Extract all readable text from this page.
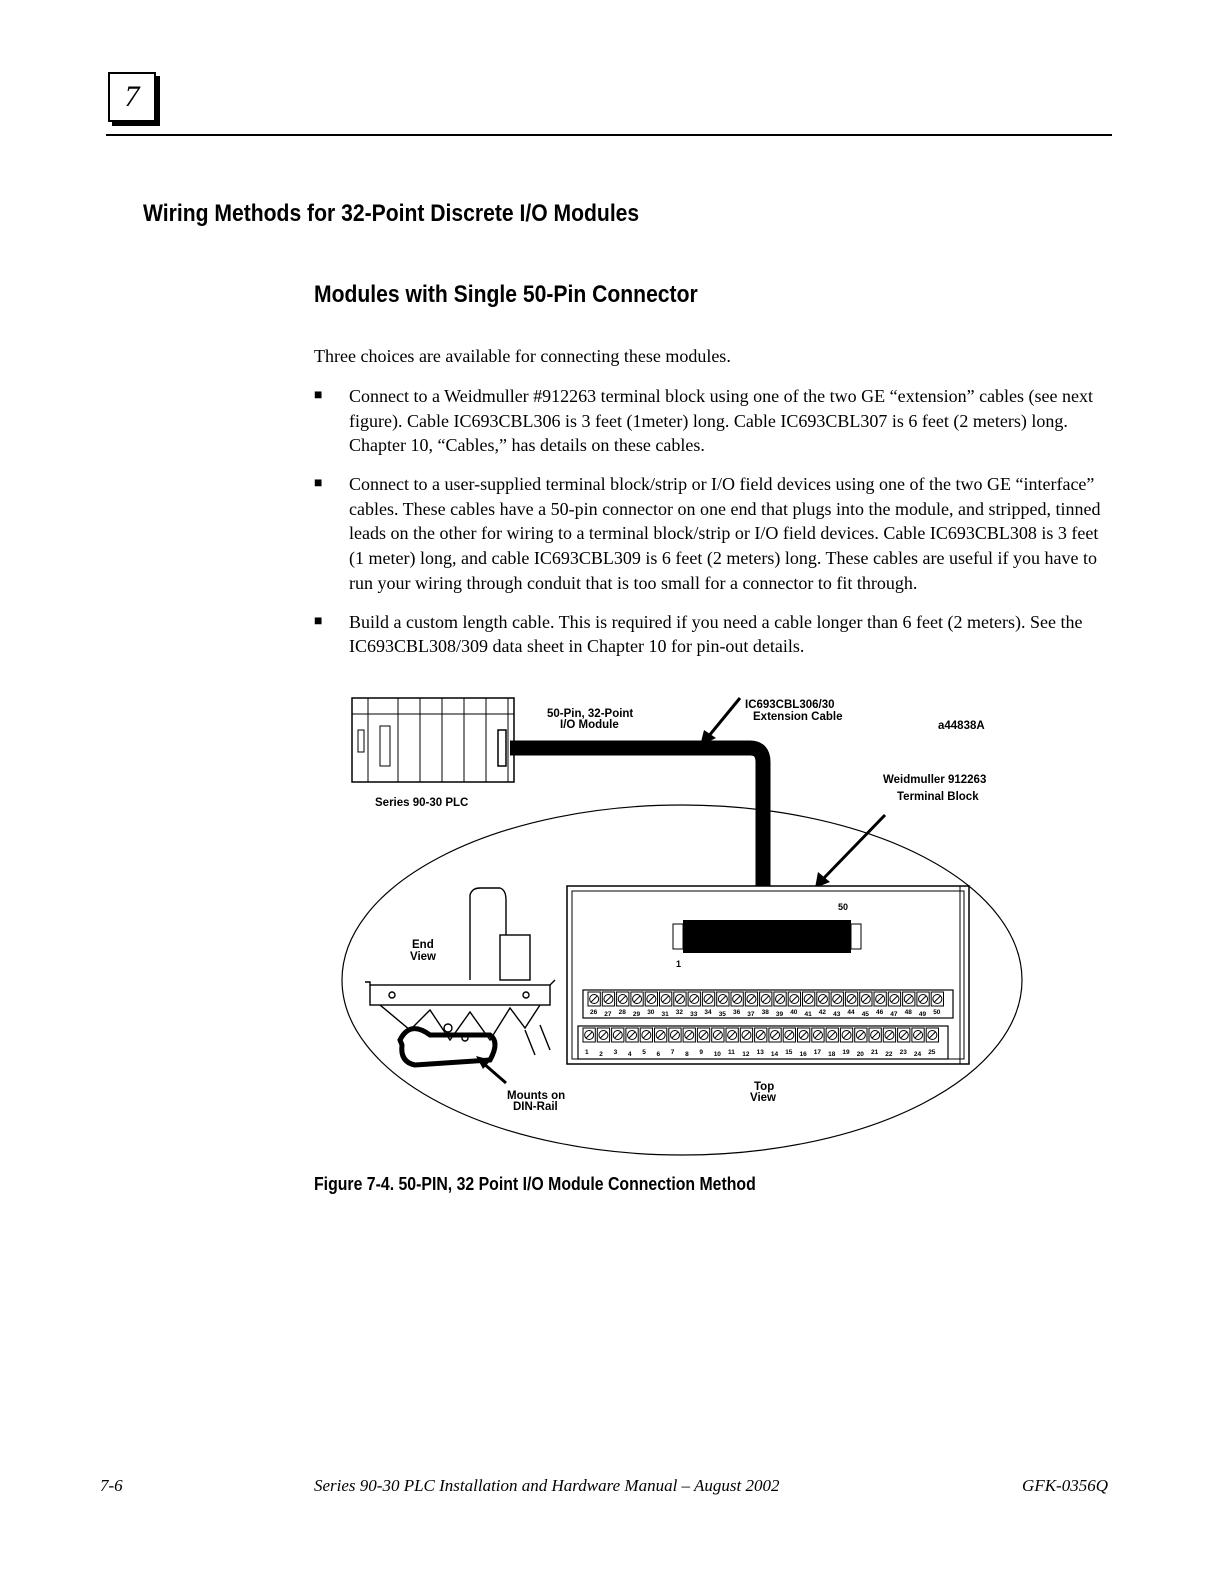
7
Wiring Methods for 32-Point Discrete I/O Modules
Modules with Single 50-Pin Connector
Three choices are available for connecting these modules.
■ Connect to a Weidmuller #912263 terminal block using one of the two GE “extension” cables (see next figure). Cable IC693CBL306 is 3 feet (1meter) long. Cable IC693CBL307 is 6 feet (2 meters) long. Chapter 10, “Cables,” has details on these cables.
■ Connect to a user-supplied terminal block/strip or I/O field devices using one of the two GE “interface” cables. These cables have a 50-pin connector on one end that plugs into the module, and stripped, tinned leads on the other for wiring to a terminal block/strip or I/O field devices. Cable IC693CBL308 is 3 feet (1 meter) long, and cable IC693CBL309 is 6 feet (2 meters) long. These cables are useful if you have to run your wiring through conduit that is too small for a connector to fit through.
■ Build a custom length cable. This is required if you need a cable longer than 6 feet (2 meters). See the IC693CBL308/309 data sheet in Chapter 10 for pin-out details.
50-Pin, 32-Point
I/O Module
IC693CBL306/30
Extension Cable
a44838A
Series 90-30 PLC
Weidmuller 912263
Terminal Block
End
View
Mounts on
DIN-Rail
Top
View
50
1
26 27 28 29 30 31 32 33 34 35 36 37 38 39 40 41 42 43 44 45 46 47 48 49 50
1 2 3 4 5 6 7 8 9 10 11 12 13 14 15 16 17 18 19 20 21 22 23 24 25
Figure 7-4. 50-PIN, 32 Point I/O Module Connection Method
7-6	Series 90-30 PLC Installation and Hardware Manual – August 2002	GFK-0356Q
